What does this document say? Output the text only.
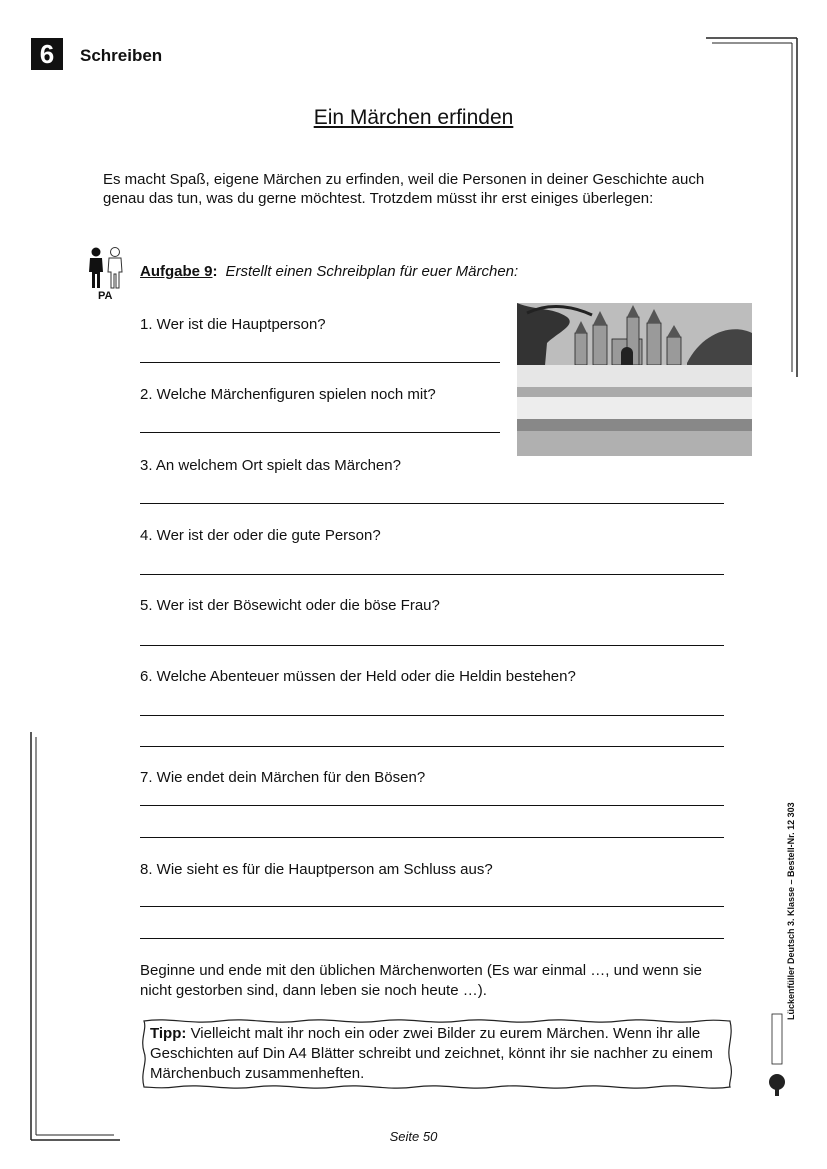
6	Schreiben
Ein Märchen erfinden
Es macht Spaß, eigene Märchen zu erfinden, weil die Personen in deiner Geschichte auch genau das tun, was du gerne möchtest. Trotzdem müsst ihr erst einiges überlegen:
PA
Aufgabe 9: Erstellt einen Schreibplan für euer Märchen:
1. Wer ist die Hauptperson?
2. Welche Märchenfiguren spielen noch mit?
3. An welchem Ort spielt das Märchen?
4. Wer ist der oder die gute Person?
5. Wer ist der Bösewicht oder die böse Frau?
6. Welche Abenteuer müssen der Held oder die Heldin bestehen?
7. Wie endet dein Märchen für den Bösen?
8. Wie sieht es für die Hauptperson am Schluss aus?
Beginne und ende mit den üblichen Märchenworten (Es war einmal …, und wenn sie nicht gestorben sind, dann leben sie noch heute …).
Tipp: Vielleicht malt ihr noch ein oder zwei Bilder zu eurem Märchen. Wenn ihr alle Geschichten auf Din A4 Blätter schreibt und zeichnet, könnt ihr sie nachher zu einem Märchenbuch zusammenheften.
Lückenfüller Deutsch 3. Klasse – Bestell-Nr. 12 303
Seite 50
